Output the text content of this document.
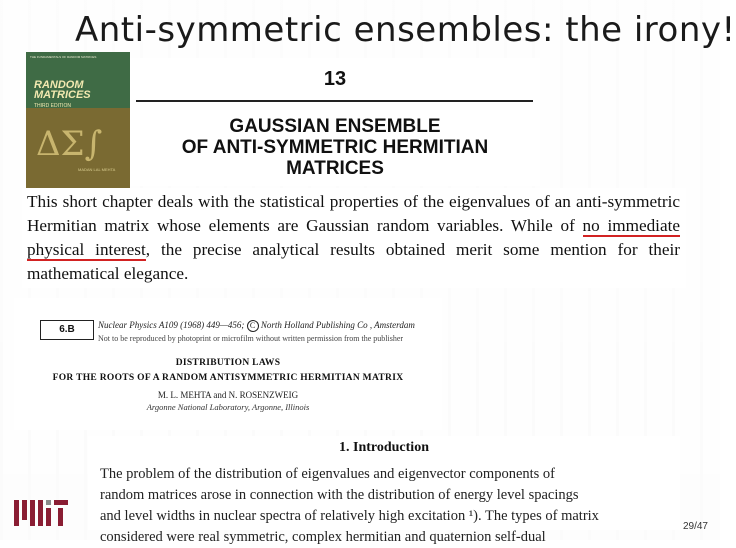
Anti-symmetric ensembles: the irony!
THE FUNDAMENTALS OF RANDOM MATRICES
RANDOM
MATRICES
THIRD EDITION
ΔΣ∫
MADAN LAL MEHTA
13
GAUSSIAN ENSEMBLE
OF ANTI-SYMMETRIC HERMITIAN
MATRICES

This short chapter deals with the statistical properties of the eigenvalues of an anti-symmetric Hermitian matrix whose elements are Gaussian random variables. While of no immediate physical interest, the precise analytical results obtained merit some mention for their mathematical elegance.

6.B	Nuclear Physics A109 (1968) 449—456; C North Holland Publishing Co , Amsterdam
Not to be reproduced by photoprint or microfilm without written permission from the publisher
DISTRIBUTION LAWS
FOR THE ROOTS OF A RANDOM ANTISYMMETRIC HERMITIAN MATRIX
M. L. MEHTA and N. ROSENZWEIG
Argonne National Laboratory, Argonne, Illinois
1. Introduction
The problem of the distribution of eigenvalues and eigenvector components of
random matrices arose in connection with the distribution of energy level spacings
and level widths in nuclear spectra of relatively high excitation ¹). The types of matrix
considered were real symmetric, complex hermitian and quaternion self-dual
29/47
